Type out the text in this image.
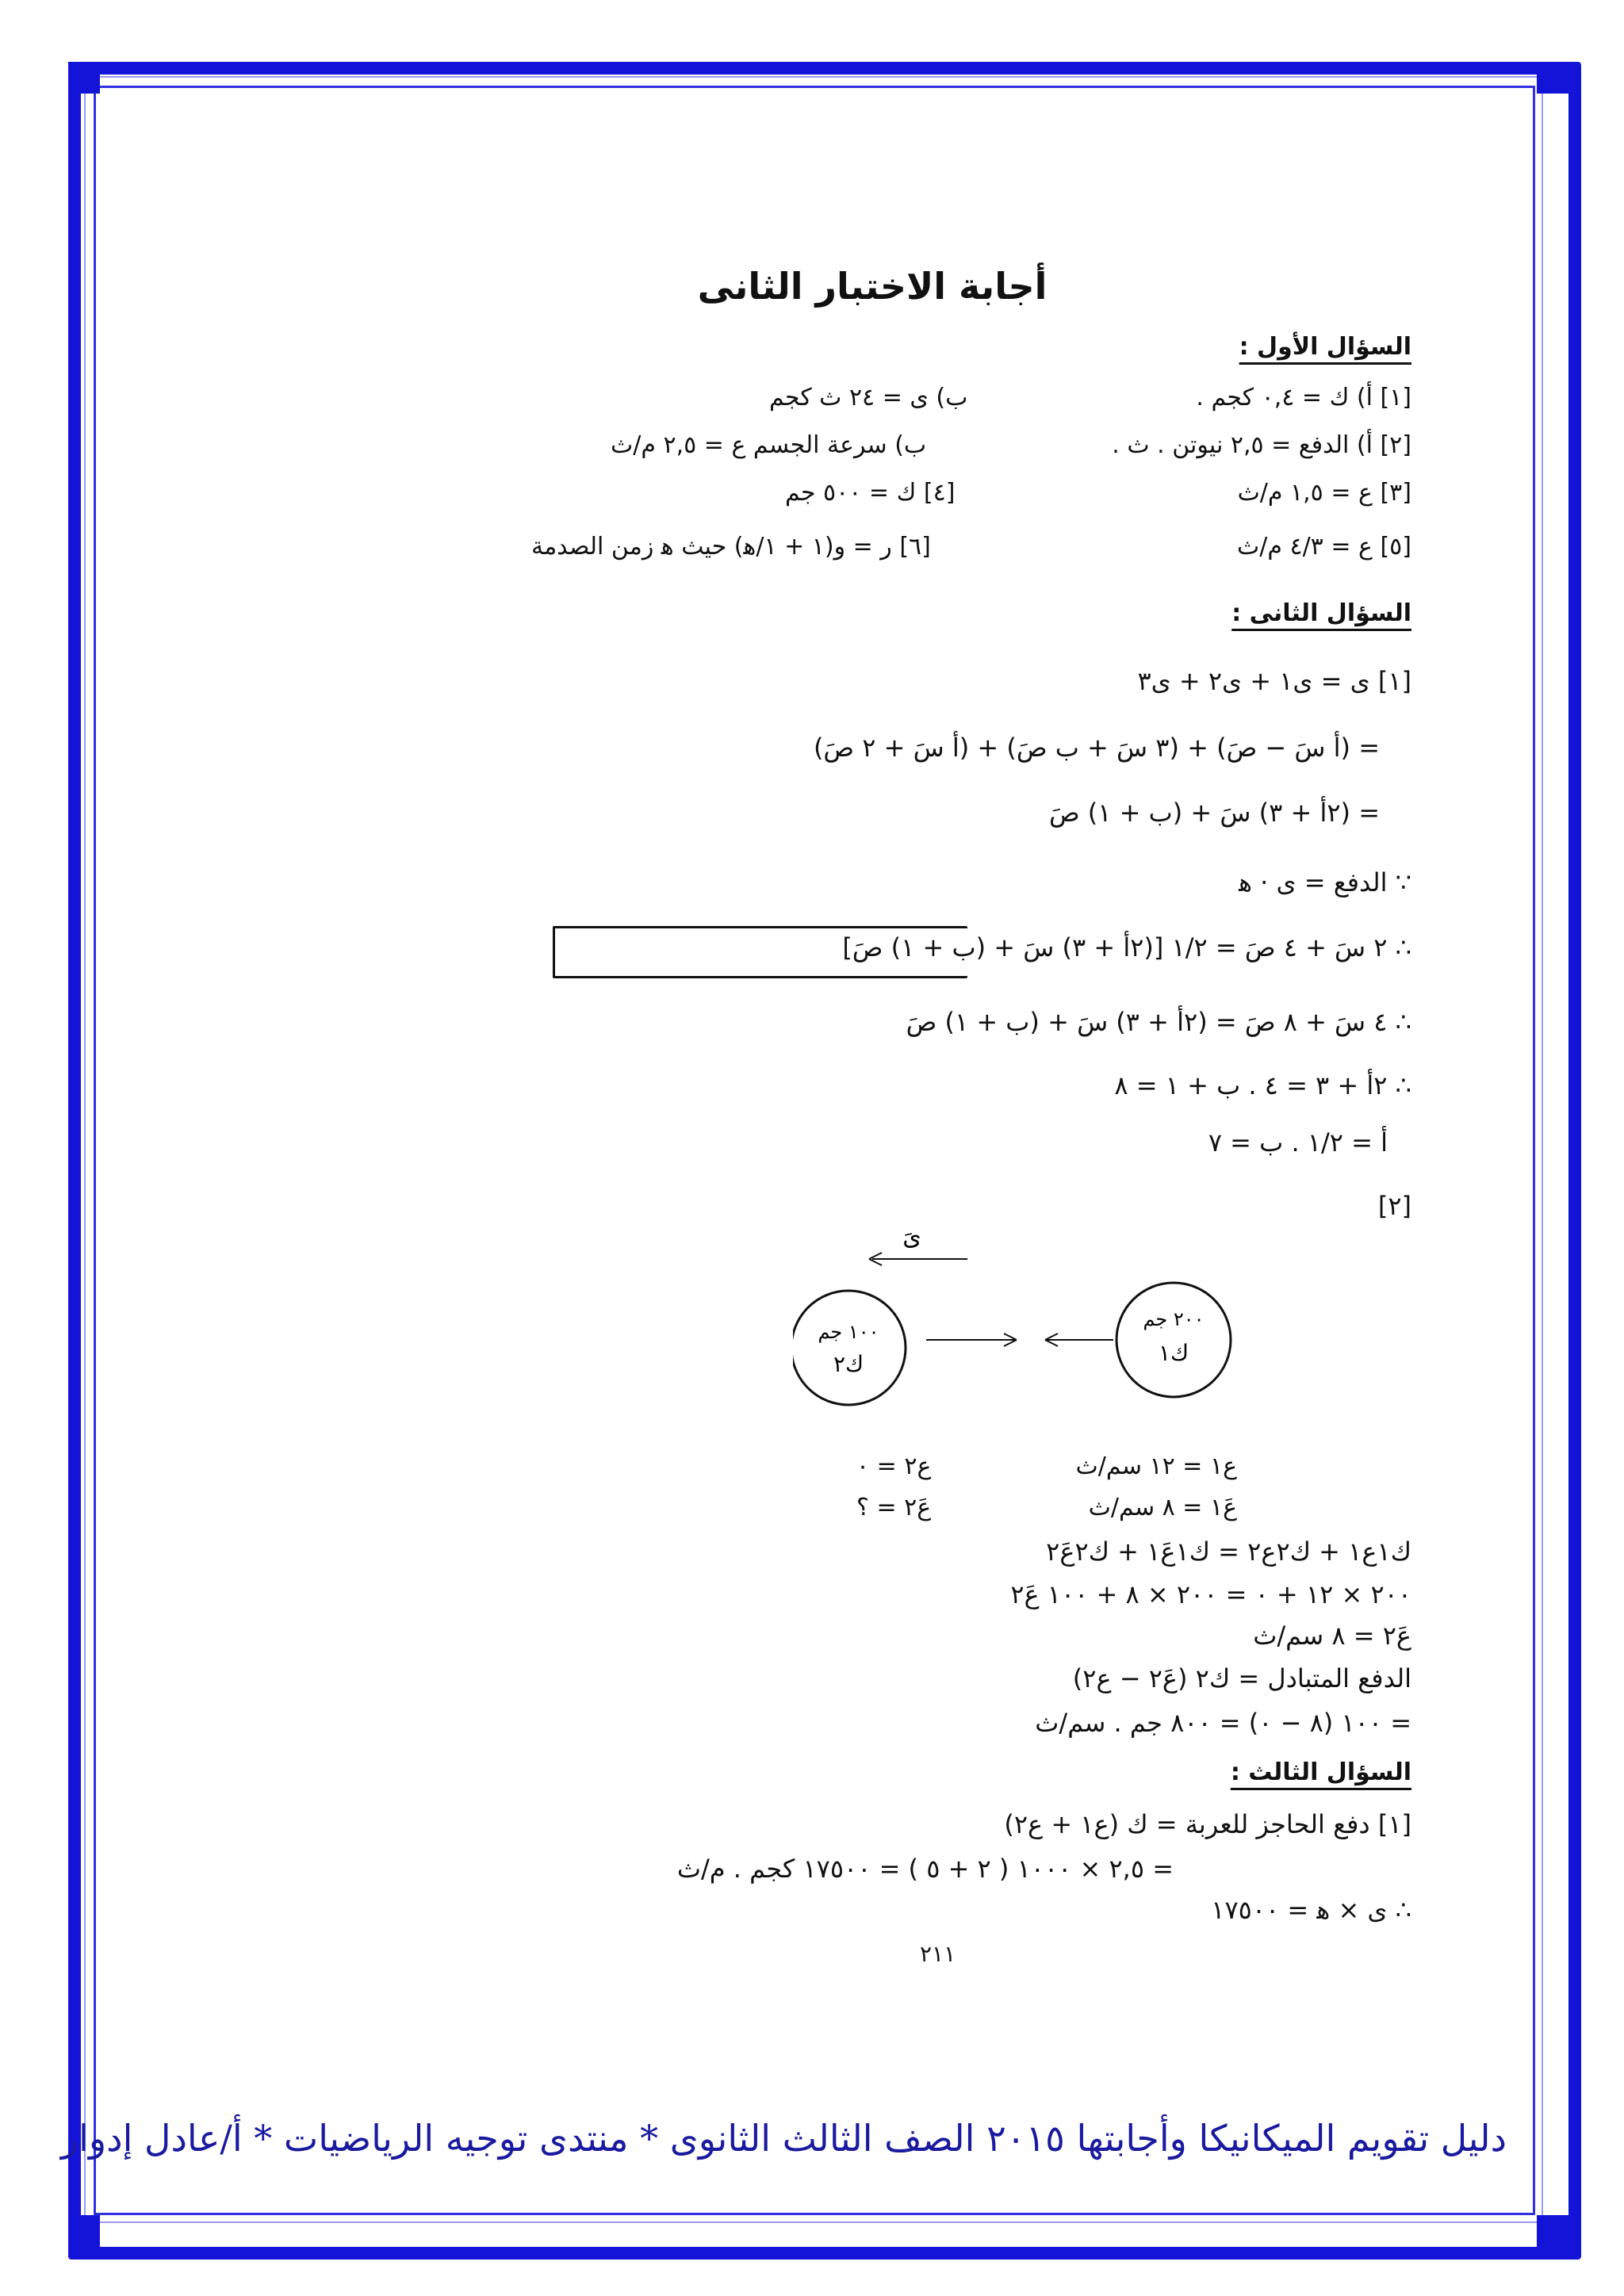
أجابة الاختبار الثانى
السؤال الأول :
[١] أ) ك = ٠,٤ كجم .
ب) ﻯ = ٢٤ ث كجم
[٢] أ) الدفع = ٢,٥ نيوتن . ث .
ب) سرعة الجسم ع = ٢,٥ م/ث
[٣] ع = ١,٥ م/ث
[٤] ك = ٥٠٠ جم
[٥] ع = ٤/٣ م/ث
[٦] ر = و(١ + ١/ﻫ) حيث ﻫ زمن الصدمة
السؤال الثانى :
[١] ﻯ = ﻯ١ + ﻯ٢ + ﻯ٣
= (أ سَ − صَ) + (٣ سَ + ب صَ) + (أ سَ + ٢ صَ)
= (٢أ + ٣) سَ + (ب + ١) صَ
∵ الدفع = ﻯ · ﻫ
∴ ٢ سَ + ٤ صَ = ١/٢ [(٢أ + ٣) سَ + (ب + ١) صَ]
∴ ٤ سَ + ٨ صَ = (٢أ + ٣) سَ + (ب + ١) صَ
∴ ٢أ + ٣ = ٤ . ب + ١ = ٨
أ = ١/٢ . ب = ٧
[٢]
ىَ
١٠٠ جم
ك٢
٢٠٠ جم
ك١
ع١ = ١٢ سم/ث
ع٢ = ٠
ع١َ = ٨ سم/ث
ع٢َ = ؟
ك١ع١ + ك٢ع٢ = ك١ع١َ + ك٢ع٢َ
٢٠٠ × ١٢ + ٠ = ٢٠٠ × ٨ + ١٠٠ ع٢َ
ع٢َ = ٨ سم/ث
الدفع المتبادل = ك٢ (ع٢َ − ع٢)
= ١٠٠ (٨ − ٠) = ٨٠٠ جم . سم/ث
السؤال الثالث :
[١] دفع الحاجز للعربة = ك (ع١ + ع٢)
= ٢,٥ × ١٠٠٠ ( ٢ + ٥ ) = ١٧٥٠٠ كجم . م/ث
∴ ﻯ × ﻫ = ١٧٥٠٠
٢١١
دليل تقويم الميكانيكا وأجابتها ٢٠١٥ الصف الثالث الثانوى * منتدى توجيه الرياضيات * أ/عادل إدوار
